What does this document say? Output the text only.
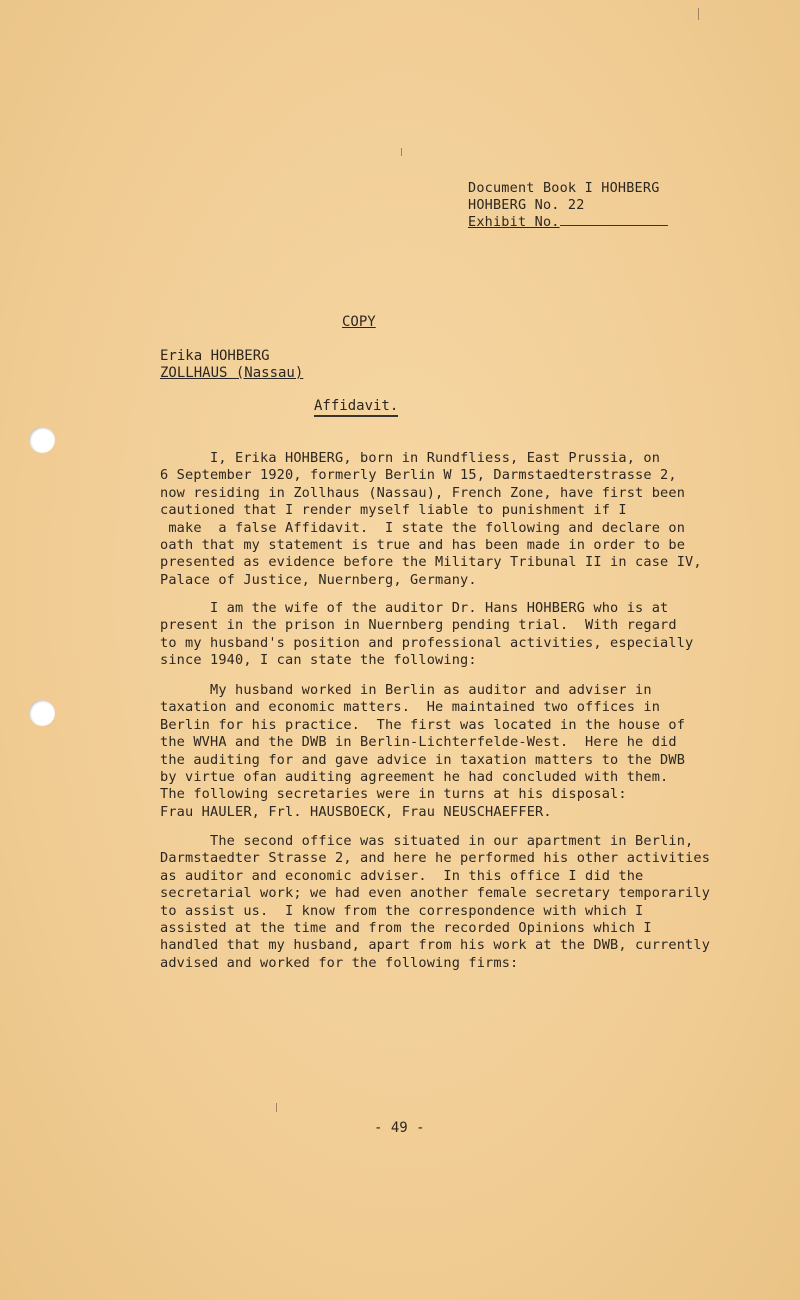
Document Book I HOHBERG
HOHBERG No. 22
Exhibit No.
COPY
Erika HOHBERG
ZOLLHAUS (Nassau)
Affidavit.
I, Erika HOHBERG, born in Rundfliess, East Prussia, on
6 September 1920, formerly Berlin W 15, Darmstaedterstrasse 2,
now residing in Zollhaus (Nassau), French Zone, have first been
cautioned that I render myself liable to punishment if I
make  a false Affidavit.  I state the following and declare on
oath that my statement is true and has been made in order to be
presented as evidence before the Military Tribunal II in case IV,
Palace of Justice, Nuernberg, Germany.
I am the wife of the auditor Dr. Hans HOHBERG who is at
present in the prison in Nuernberg pending trial.  With regard
to my husband's position and professional activities, especially
since 1940, I can state the following:
My husband worked in Berlin as auditor and adviser in
taxation and economic matters.  He maintained two offices in
Berlin for his practice.  The first was located in the house of
the WVHA and the DWB in Berlin-Lichterfelde-West.  Here he did
the auditing for and gave advice in taxation matters to the DWB
by virtue ofan auditing agreement he had concluded with them.
The following secretaries were in turns at his disposal:
Frau HAULER, Frl. HAUSBOECK, Frau NEUSCHAEFFER.
The second office was situated in our apartment in Berlin,
Darmstaedter Strasse 2, and here he performed his other activities
as auditor and economic adviser.  In this office I did the
secretarial work; we had even another female secretary temporarily
to assist us.  I know from the correspondence with which I
assisted at the time and from the recorded Opinions which I
handled that my husband, apart from his work at the DWB, currently
advised and worked for the following firms:
- 49 -
